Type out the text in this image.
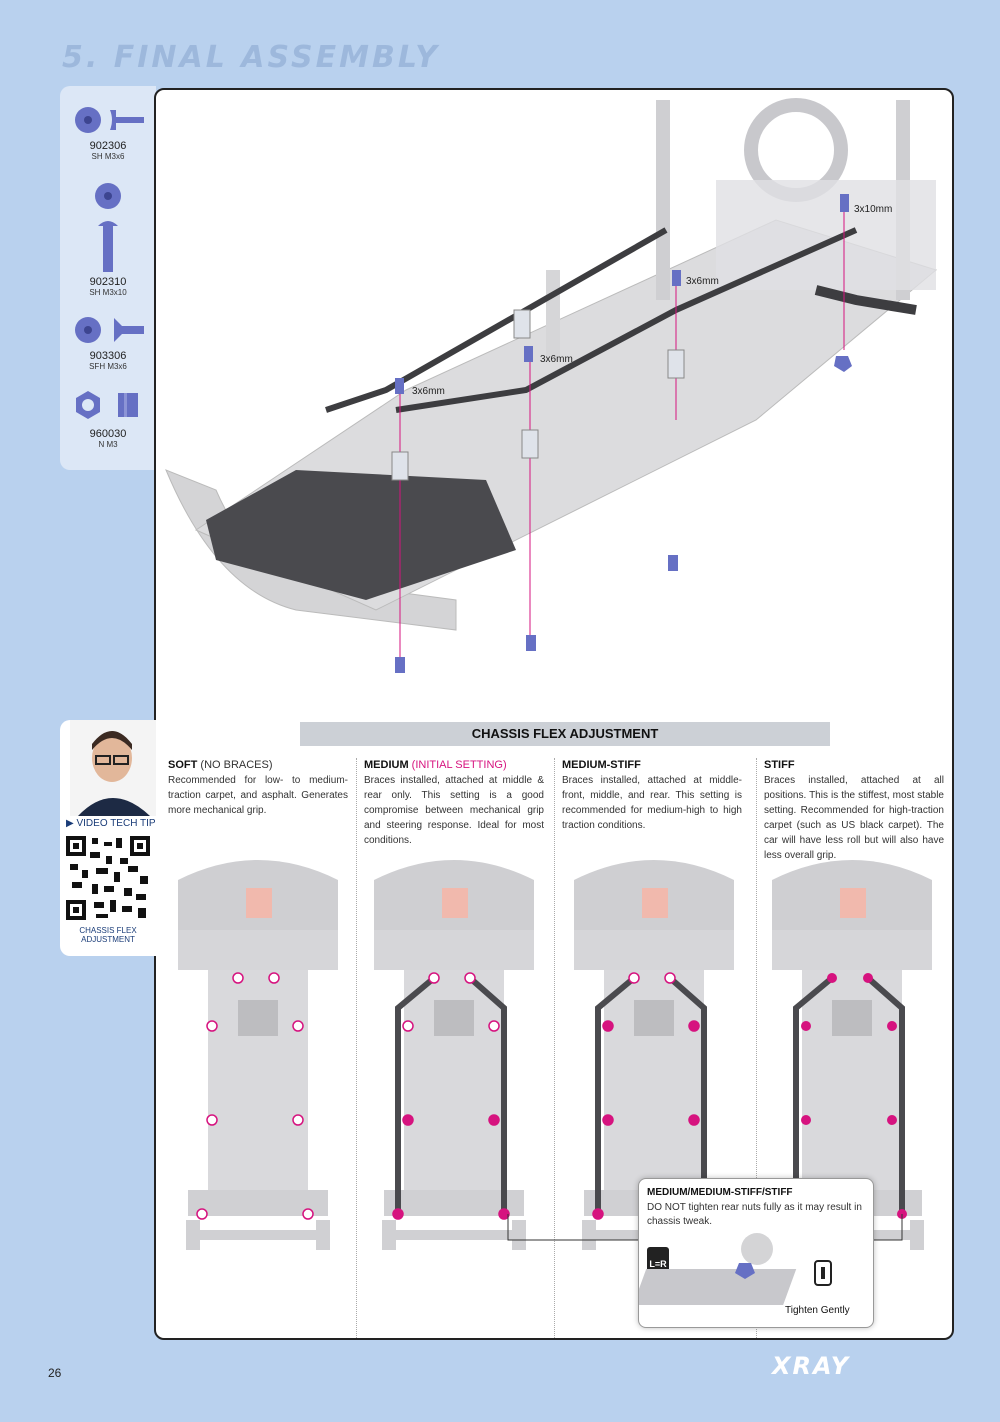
5. FINAL ASSEMBLY
902306
SH M3x6
902310
SH M3x10
903306
SFH M3x6
960030
N M3
3x10mm
3x6mm
3x6mm
3x6mm
CHASSIS FLEX ADJUSTMENT
SOFT (NO BRACES)
Recommended for low- to medium-traction carpet, and asphalt. Generates more mechanical grip.
MEDIUM (INITIAL SETTING)
Braces installed, attached at middle & rear only. This setting is a good compromise between mechanical grip and steering response. Ideal for most conditions.
MEDIUM-STIFF
Braces installed, attached at middle-front, middle, and rear. This setting is recommended for medium-high to high traction conditions.
STIFF
Braces installed, attached at all positions. This is the stiffest, most stable setting. Recommended for high-traction carpet (such as US black carpet). The car will have less roll but will also have less overall grip.
MEDIUM/MEDIUM-STIFF/STIFF
DO NOT tighten rear nuts fully as it may result in chassis tweak.
L=R
Tighten Gently
▶ VIDEO TECH TIP
CHASSIS FLEX ADJUSTMENT
26	XRAY
